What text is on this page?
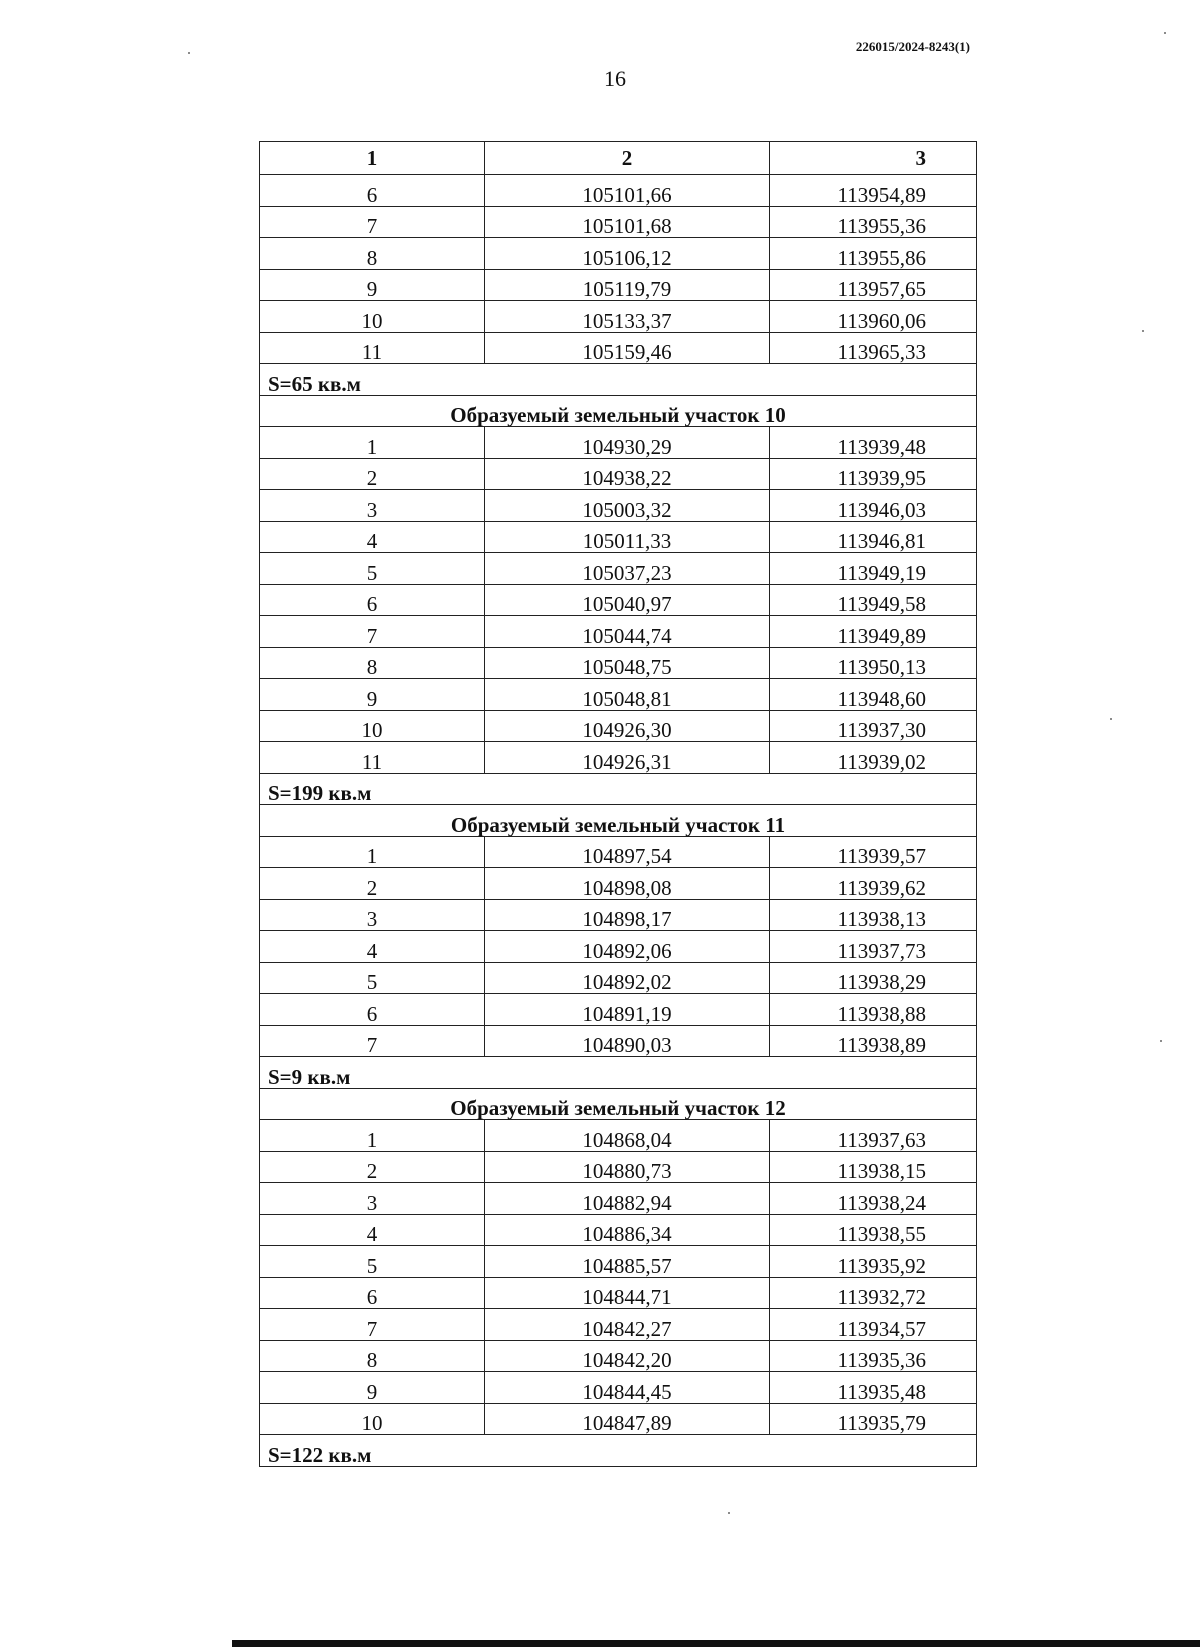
226015/2024-8243(1)
16
1	2	3
6	105101,66	113954,89
7	105101,68	113955,36
8	105106,12	113955,86
9	105119,79	113957,65
10	105133,37	113960,06
11	105159,46	113965,33
S=65 кв.м		
Образуемый земельный участок 10		
1	104930,29	113939,48
2	104938,22	113939,95
3	105003,32	113946,03
4	105011,33	113946,81
5	105037,23	113949,19
6	105040,97	113949,58
7	105044,74	113949,89
8	105048,75	113950,13
9	105048,81	113948,60
10	104926,30	113937,30
11	104926,31	113939,02
S=199 кв.м		
Образуемый земельный участок 11		
1	104897,54	113939,57
2	104898,08	113939,62
3	104898,17	113938,13
4	104892,06	113937,73
5	104892,02	113938,29
6	104891,19	113938,88
7	104890,03	113938,89
S=9 кв.м		
Образуемый земельный участок 12		
1	104868,04	113937,63
2	104880,73	113938,15
3	104882,94	113938,24
4	104886,34	113938,55
5	104885,57	113935,92
6	104844,71	113932,72
7	104842,27	113934,57
8	104842,20	113935,36
9	104844,45	113935,48
10	104847,89	113935,79
S=122 кв.м		
